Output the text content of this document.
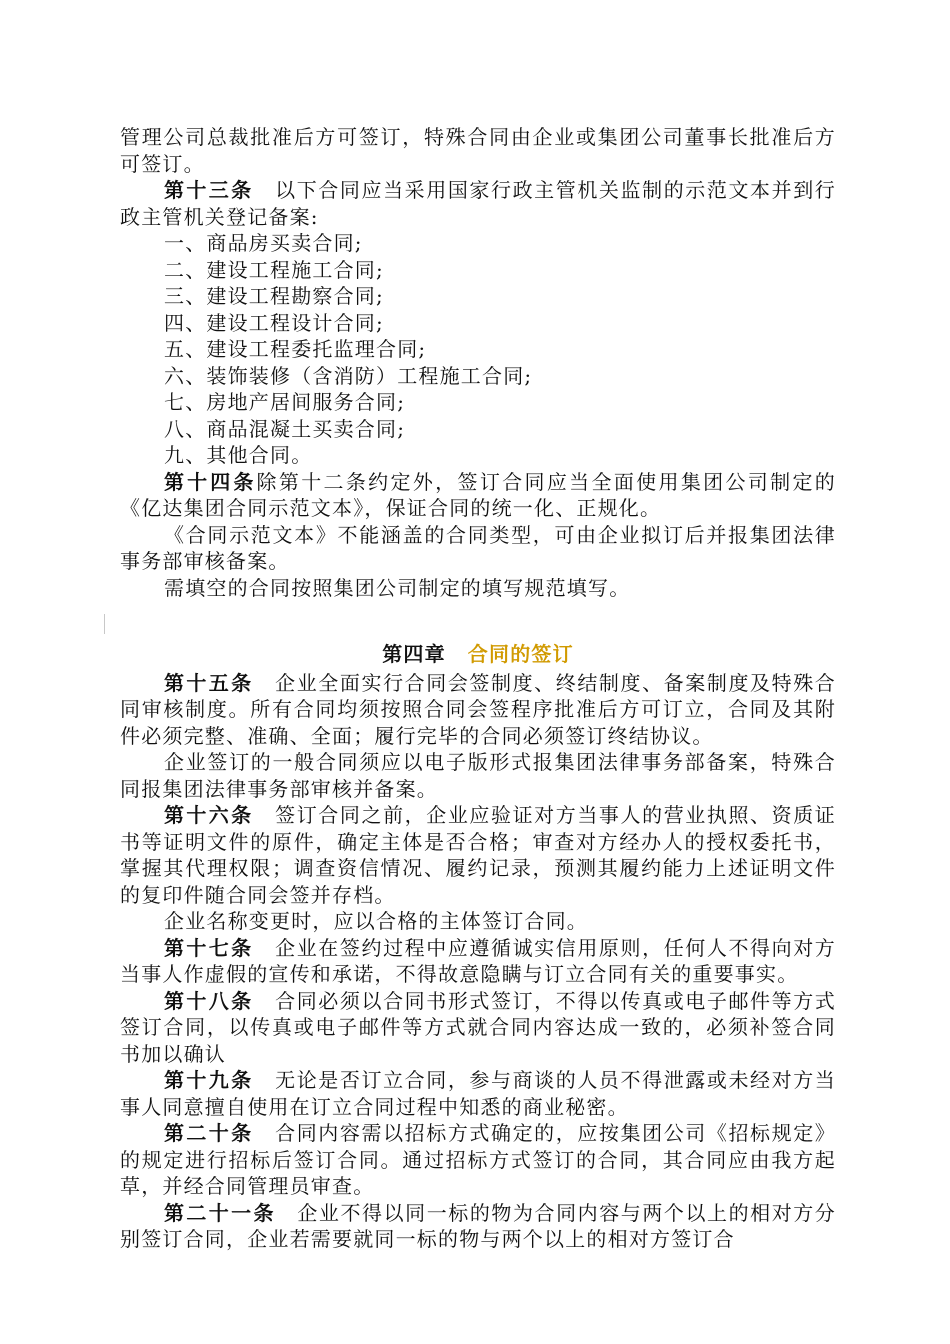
管理公司总裁批准后方可签订，特殊合同由企业或集团公司董事长批准后方可签订。

第十三条　以下合同应当采用国家行政主管机关监制的示范文本并到行政主管机关登记备案:

一、商品房买卖合同;

二、建设工程施工合同;

三、建设工程勘察合同;

四、建设工程设计合同;

五、建设工程委托监理合同;

六、装饰装修（含消防）工程施工合同;

七、房地产居间服务合同;

八、商品混凝土买卖合同;

九、其他合同。

第十四条除第十二条约定外，签订合同应当全面使用集团公司制定的《亿达集团合同示范文本》，保证合同的统一化、正规化。

《合同示范文本》不能涵盖的合同类型，可由企业拟订后并报集团法律事务部审核备案。

需填空的合同按照集团公司制定的填写规范填写。

第四章 合同的签订

第十五条　企业全面实行合同会签制度、终结制度、备案制度及特殊合同审核制度。所有合同均须按照合同会签程序批准后方可订立，合同及其附件必须完整、准确、全面；履行完毕的合同必须签订终结协议。

企业签订的一般合同须应以电子版形式报集团法律事务部备案，特殊合同报集团法律事务部审核并备案。

第十六条　签订合同之前，企业应验证对方当事人的营业执照、资质证书等证明文件的原件，确定主体是否合格；审查对方经办人的授权委托书，掌握其代理权限；调查资信情况、履约记录，预测其履约能力上述证明文件的复印件随合同会签并存档。

企业名称变更时，应以合格的主体签订合同。

第十七条　企业在签约过程中应遵循诚实信用原则，任何人不得向对方当事人作虚假的宣传和承诺，不得故意隐瞒与订立合同有关的重要事实。

第十八条　合同必须以合同书形式签订，不得以传真或电子邮件等方式签订合同，以传真或电子邮件等方式就合同内容达成一致的，必须补签合同书加以确认

第十九条　无论是否订立合同，参与商谈的人员不得泄露或未经对方当事人同意擅自使用在订立合同过程中知悉的商业秘密。

第二十条　合同内容需以招标方式确定的，应按集团公司《招标规定》的规定进行招标后签订合同。通过招标方式签订的合同，其合同应由我方起草，并经合同管理员审查。

第二十一条　企业不得以同一标的物为合同内容与两个以上的相对方分别签订合同，企业若需要就同一标的物与两个以上的相对方签订合
